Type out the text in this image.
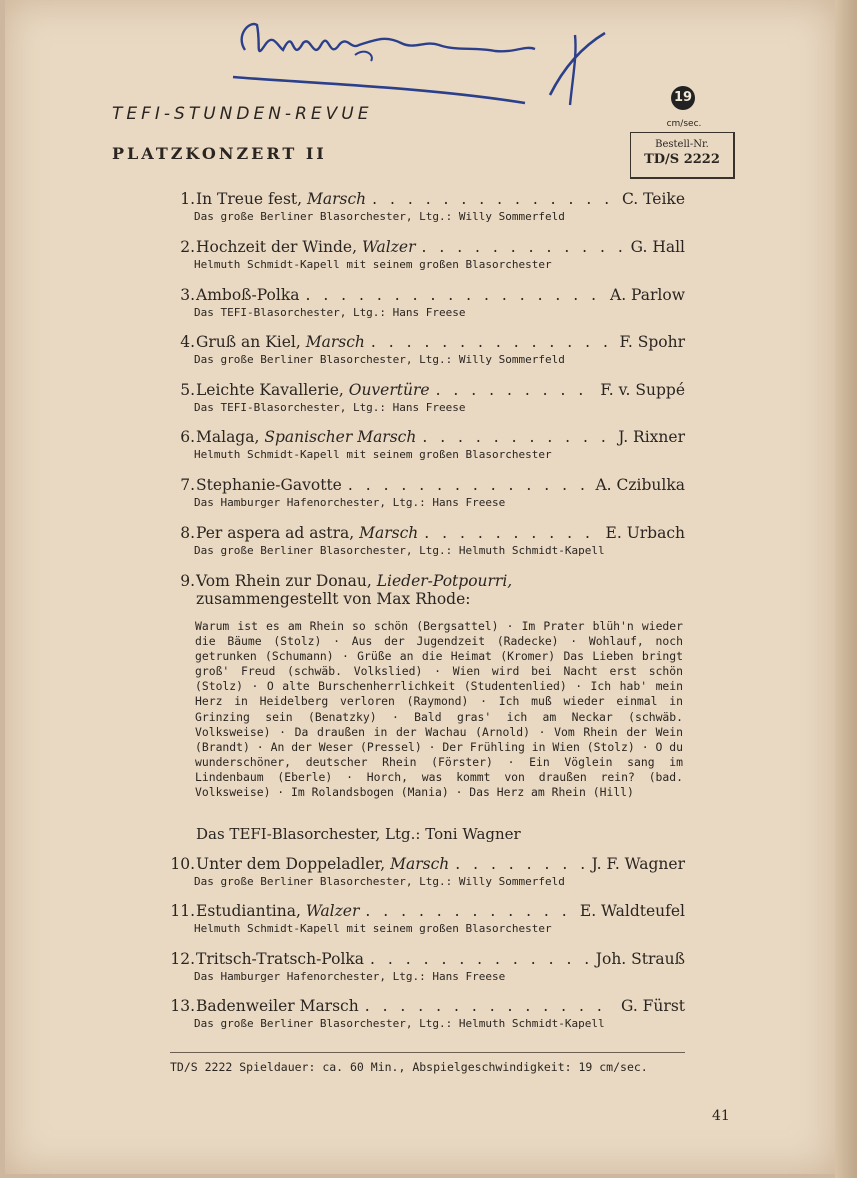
TEFI-STUNDEN-REVUE
PLATZKONZERT II
19
cm/sec.
Bestell-Nr.
TD/S 2222
1. In Treue fest, Marsch . . .	C. Teike
Das große Berliner Blasorchester, Ltg.: Willy Sommerfeld
2. Hochzeit der Winde, Walzer . . .	G. Hall
Helmuth Schmidt-Kapell mit seinem großen Blasorchester
3. Amboß-Polka . . .	A. Parlow
Das TEFI-Blasorchester, Ltg.: Hans Freese
4. Gruß an Kiel, Marsch . . .	F. Spohr
Das große Berliner Blasorchester, Ltg.: Willy Sommerfeld
5. Leichte Kavallerie, Ouvertüre . . .	F. v. Suppé
Das TEFI-Blasorchester, Ltg.: Hans Freese
6. Malaga, Spanischer Marsch . . .	J. Rixner
Helmuth Schmidt-Kapell mit seinem großen Blasorchester
7. Stephanie-Gavotte . . .	A. Czibulka
Das Hamburger Hafenorchester, Ltg.: Hans Freese
8. Per aspera ad astra, Marsch . . .	E. Urbach
Das große Berliner Blasorchester, Ltg.: Helmuth Schmidt-Kapell
9. Vom Rhein zur Donau, Lieder-Potpourri,
zusammengestellt von Max Rhode:
Warum ist es am Rhein so schön (Bergsattel) · Im Prater blüh'n wieder die Bäume (Stolz) · Aus der Jugendzeit (Radecke) · Wohlauf, noch getrunken (Schumann) · Grüße an die Heimat (Kromer) Das Lieben bringt groß' Freud (schwäb. Volkslied) · Wien wird bei Nacht erst schön (Stolz) · O alte Burschenherrlichkeit (Studentenlied) · Ich hab' mein Herz in Heidelberg verloren (Raymond) · Ich muß wieder einmal in Grinzing sein (Benatzky) · Bald gras' ich am Neckar (schwäb. Volksweise) · Da draußen in der Wachau (Arnold) · Vom Rhein der Wein (Brandt) · An der Weser (Pressel) · Der Frühling in Wien (Stolz) · O du wunderschöner, deutscher Rhein (Förster) · Ein Vöglein sang im Lindenbaum (Eberle) · Horch, was kommt von draußen rein? (bad. Volksweise) · Im Rolandsbogen (Mania) · Das Herz am Rhein (Hill)
Das TEFI-Blasorchester, Ltg.: Toni Wagner
10. Unter dem Doppeladler, Marsch . . .	J. F. Wagner
Das große Berliner Blasorchester, Ltg.: Willy Sommerfeld
11. Estudiantina, Walzer . . .	E. Waldteufel
Helmuth Schmidt-Kapell mit seinem großen Blasorchester
12. Tritsch-Tratsch-Polka . . .	Joh. Strauß
Das Hamburger Hafenorchester, Ltg.: Hans Freese
13. Badenweiler Marsch . . .	G. Fürst
Das große Berliner Blasorchester, Ltg.: Helmuth Schmidt-Kapell
TD/S 2222 Spieldauer: ca. 60 Min., Abspielgeschwindigkeit: 19 cm/sec.
41
